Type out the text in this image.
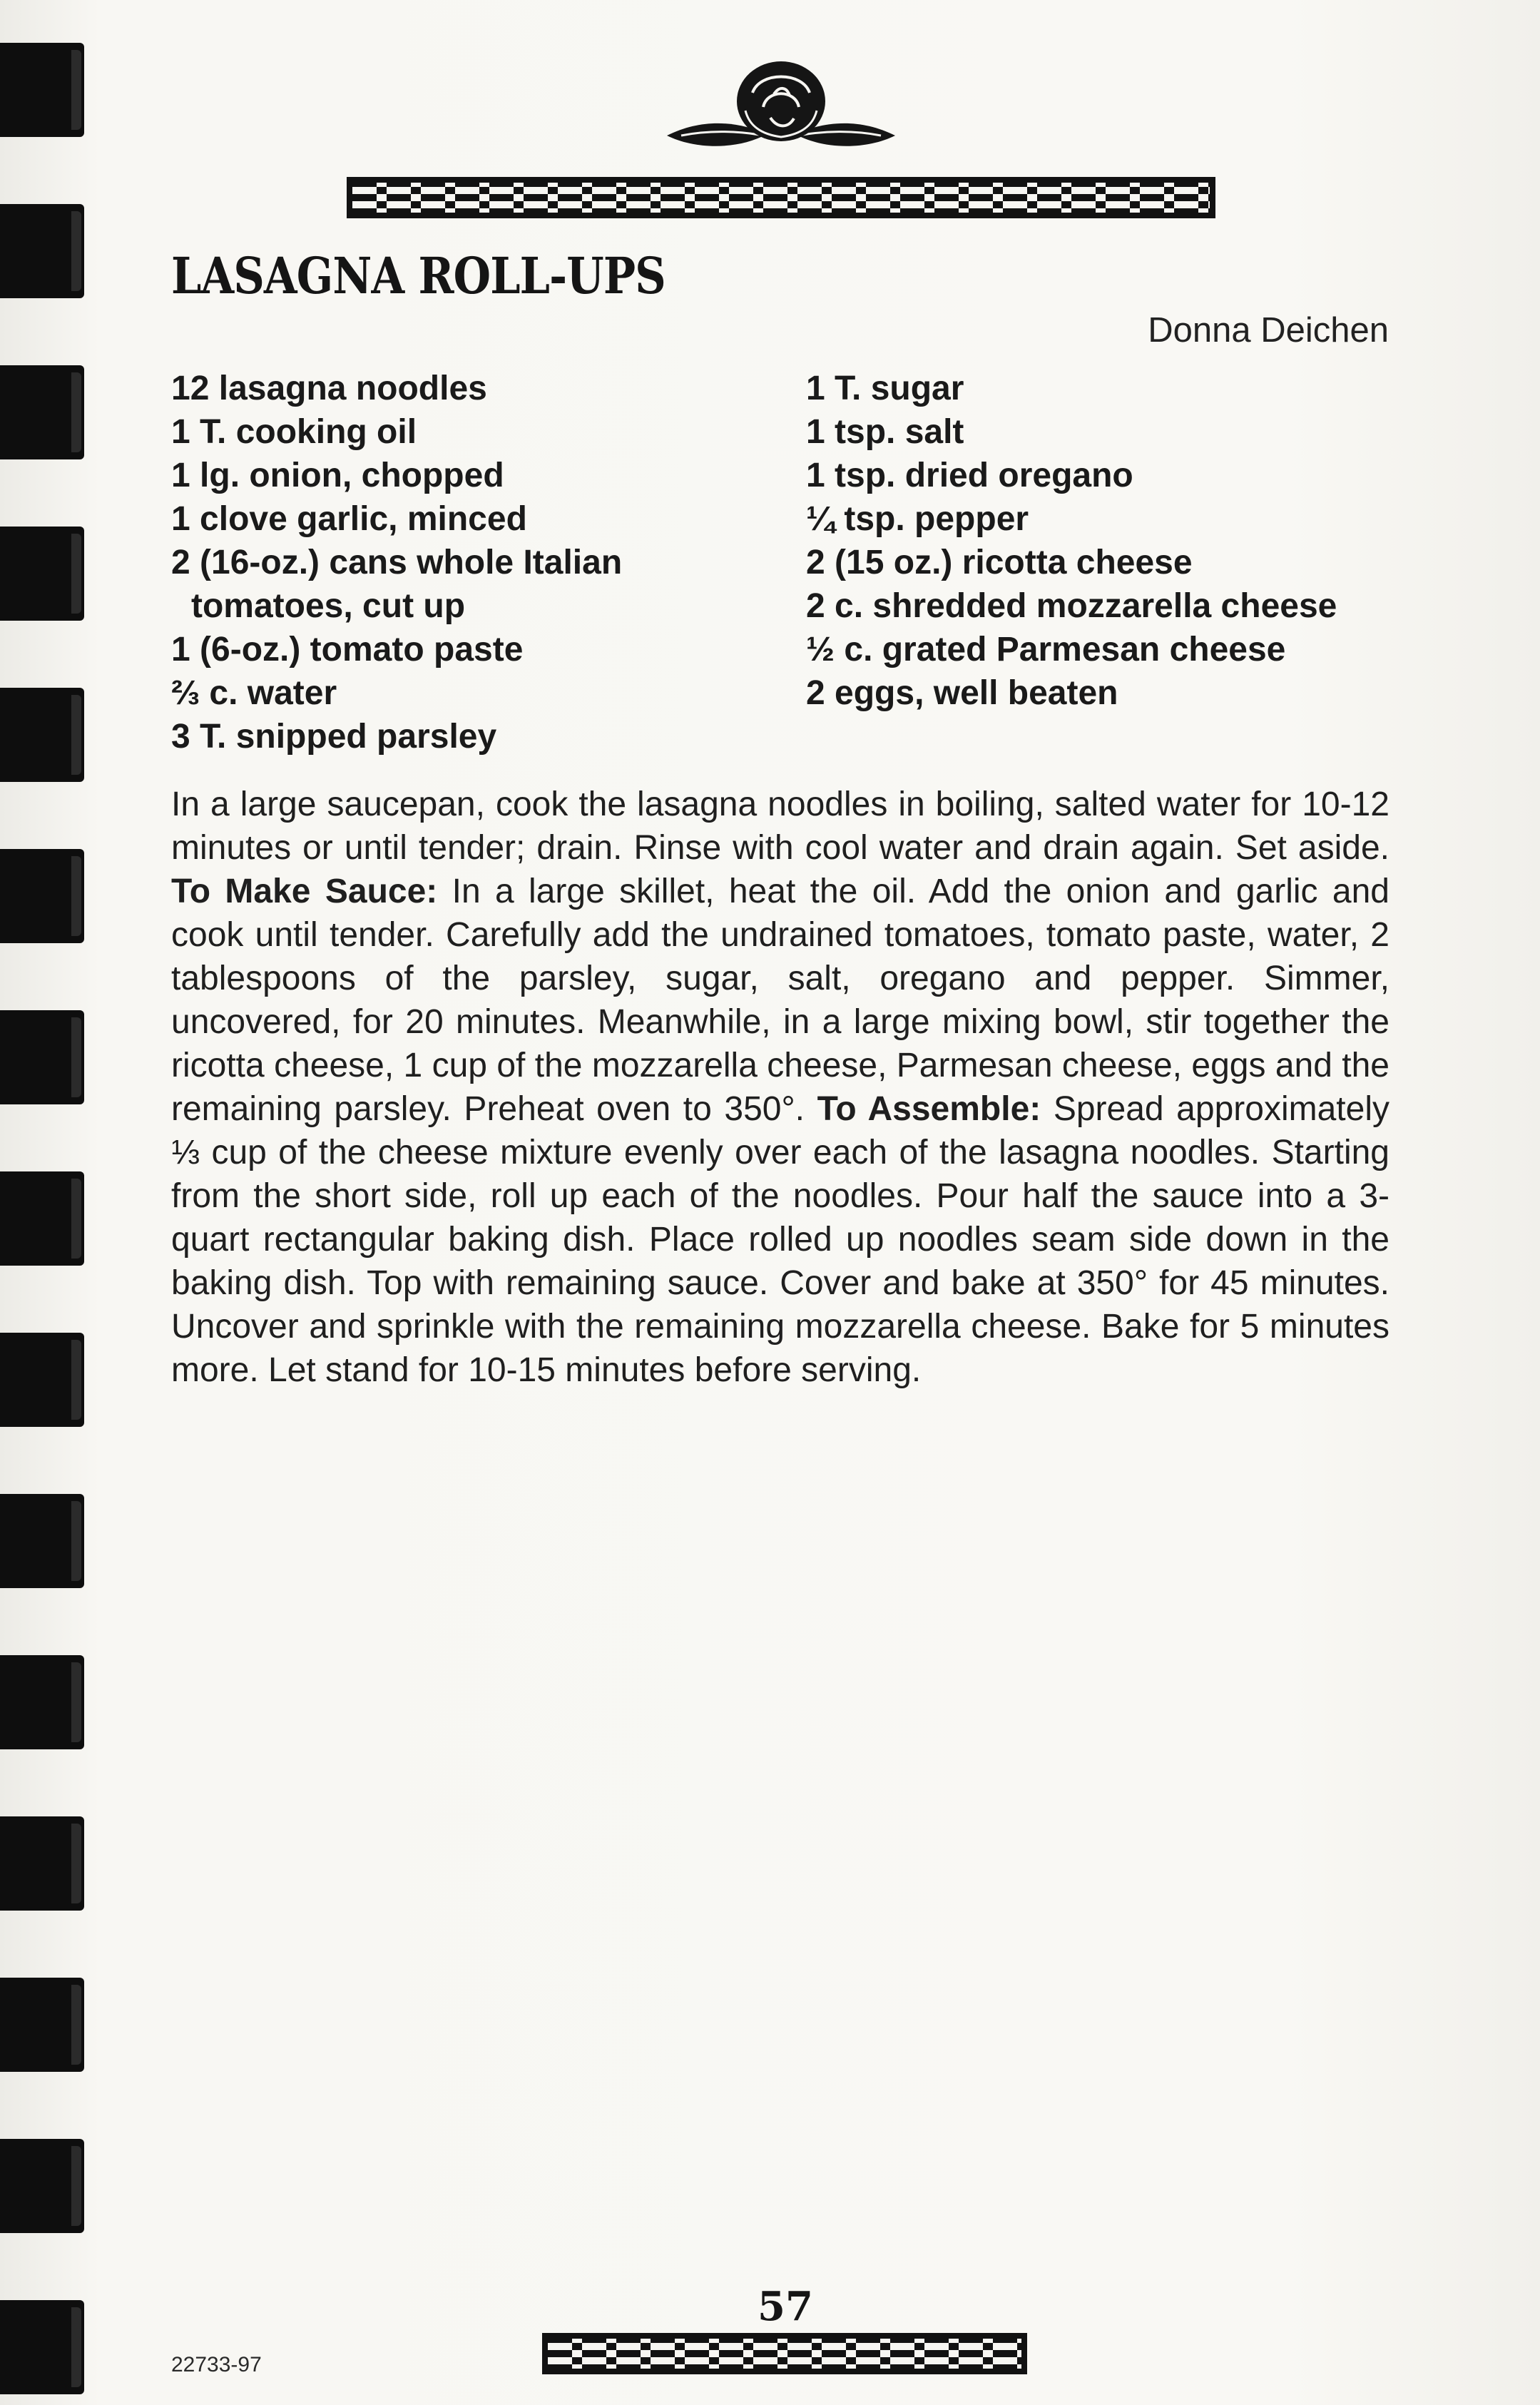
LASAGNA ROLL-UPS
Donna Deichen
12 lasagna noodles
1 T. cooking oil
1 lg. onion, chopped
1 clove garlic, minced
2 (16-oz.) cans whole Italian
tomatoes, cut up
1 (6-oz.) tomato paste
⅔ c. water
3 T. snipped parsley
1 T. sugar
1 tsp. salt
1 tsp. dried oregano
¼ tsp. pepper
2 (15 oz.) ricotta cheese
2 c. shredded mozzarella cheese
½ c. grated Parmesan cheese
2 eggs, well beaten
In a large saucepan, cook the lasagna noodles in boiling, salted water for 10-12 minutes or until tender; drain. Rinse with cool water and drain again. Set aside. To Make Sauce: In a large skillet, heat the oil. Add the onion and garlic and cook until tender. Carefully add the undrained tomatoes, tomato paste, water, 2 tablespoons of the parsley, sugar, salt, oregano and pepper. Simmer, uncovered, for 20 minutes. Meanwhile, in a large mixing bowl, stir together the ricotta cheese, 1 cup of the mozzarella cheese, Parmesan cheese, eggs and the remaining parsley. Preheat oven to 350°. To Assemble: Spread approximately ⅓ cup of the cheese mixture evenly over each of the lasagna noodles. Starting from the short side, roll up each of the noodles. Pour half the sauce into a 3-quart rectangular baking dish. Place rolled up noodles seam side down in the baking dish. Top with remaining sauce. Cover and bake at 350° for 45 minutes. Uncover and sprinkle with the remaining mozzarella cheese. Bake for 5 minutes more. Let stand for 10-15 minutes before serving.
57
22733-97
